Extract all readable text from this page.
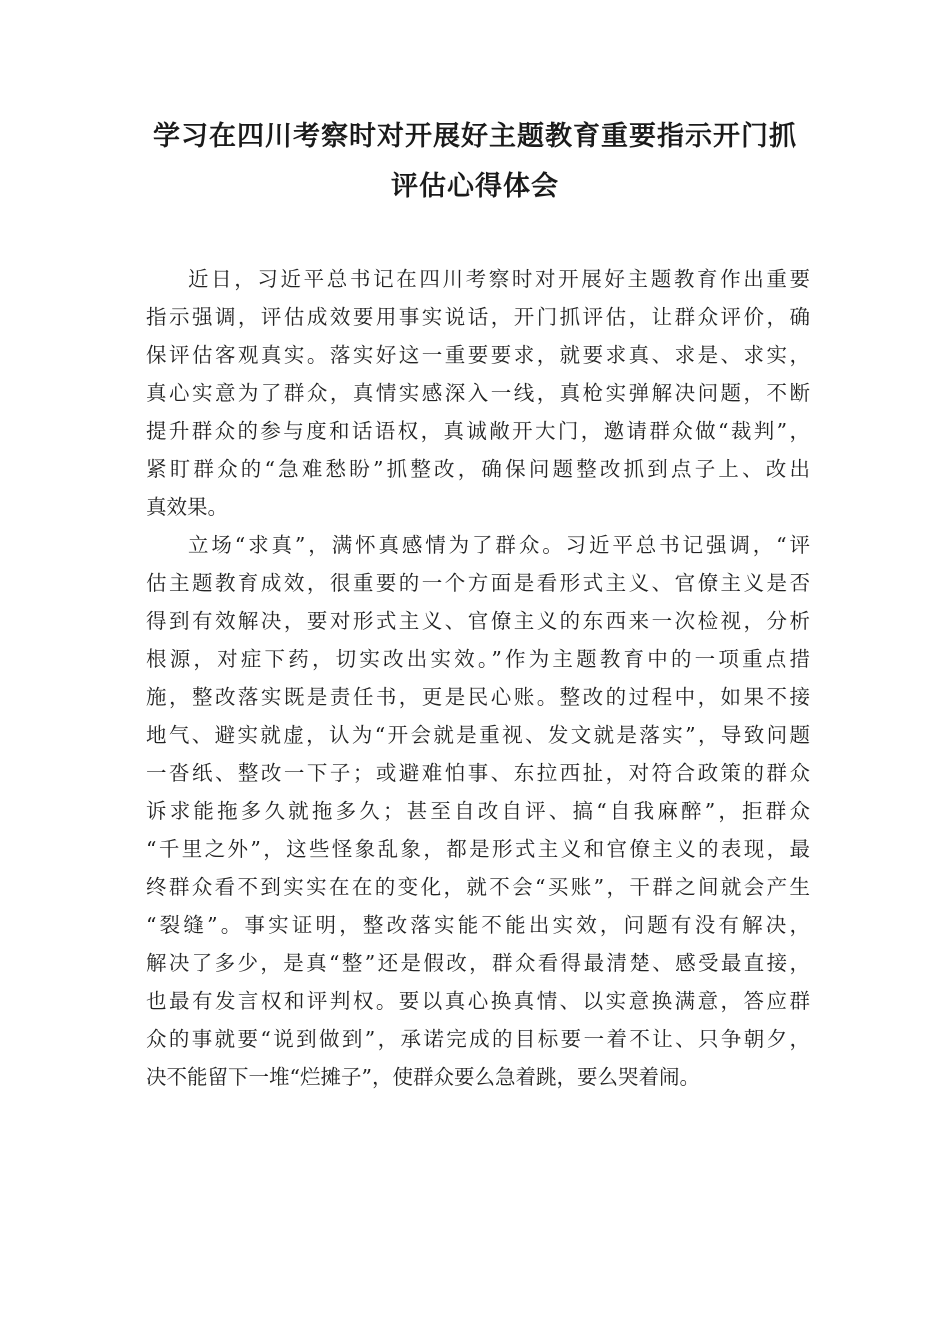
学习在四川考察时对开展好主题教育重要指示开门抓
评估心得体会

近日，习近平总书记在四川考察时对开展好主题教育作出重要
指示强调，评估成效要用事实说话，开门抓评估，让群众评价，确
保评估客观真实。落实好这一重要要求，就要求真、求是、求实，
真心实意为了群众，真情实感深入一线，真枪实弹解决问题，不断
提升群众的参与度和话语权，真诚敞开大门，邀请群众做“裁判”，
紧盯群众的“急难愁盼”抓整改，确保问题整改抓到点子上、改出
真效果。

立场“求真”，满怀真感情为了群众。习近平总书记强调，“评
估主题教育成效，很重要的一个方面是看形式主义、官僚主义是否
得到有效解决，要对形式主义、官僚主义的东西来一次检视，分析
根源，对症下药，切实改出实效。”作为主题教育中的一项重点措
施，整改落实既是责任书，更是民心账。整改的过程中，如果不接
地气、避实就虚，认为“开会就是重视、发文就是落实”，导致问题
一沓纸、整改一下子；或避难怕事、东拉西扯，对符合政策的群众
诉求能拖多久就拖多久；甚至自改自评、搞“自我麻醉”，拒群众
“千里之外”，这些怪象乱象，都是形式主义和官僚主义的表现，最
终群众看不到实实在在的变化，就不会“买账”，干群之间就会产生
“裂缝”。事实证明，整改落实能不能出实效，问题有没有解决，
解决了多少，是真“整”还是假改，群众看得最清楚、感受最直接，
也最有发言权和评判权。要以真心换真情、以实意换满意，答应群
众的事就要“说到做到”，承诺完成的目标要一着不让、只争朝夕，
决不能留下一堆“烂摊子”，使群众要么急着跳，要么哭着闹。
